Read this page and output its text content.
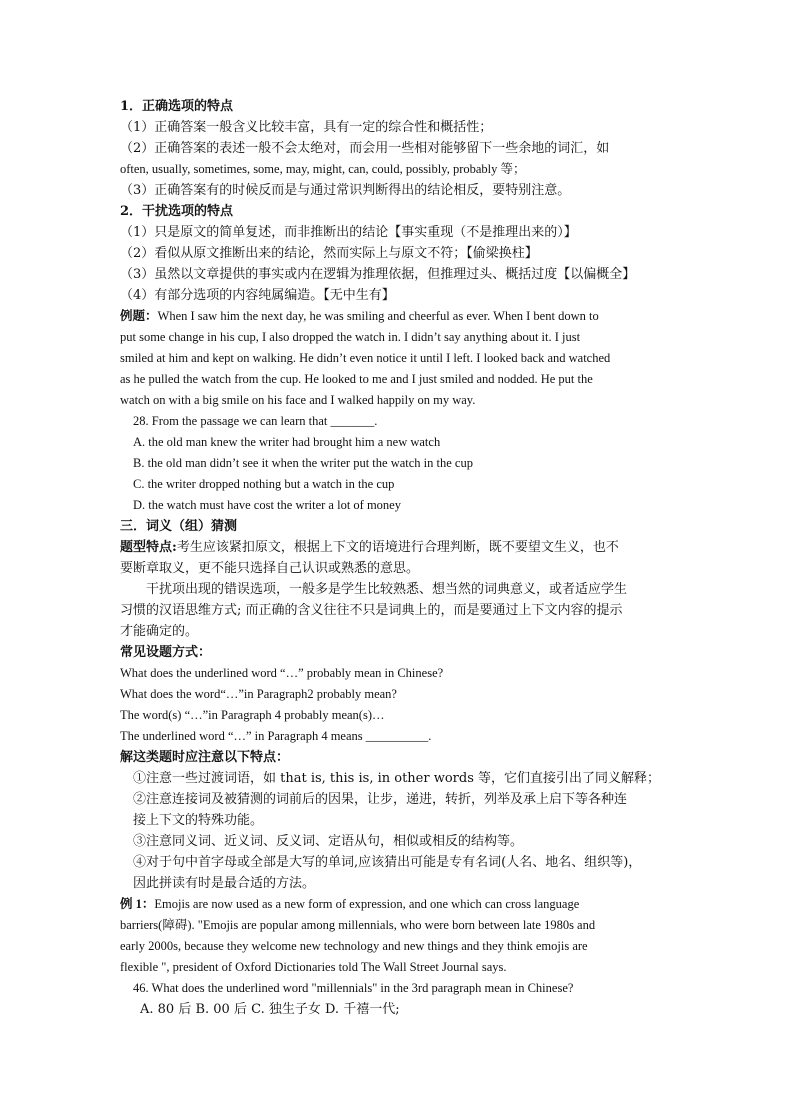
1．正确选项的特点
（1）正确答案一般含义比较丰富，具有一定的综合性和概括性；
（2）正确答案的表述一般不会太绝对，而会用一些相对能够留下一些余地的词汇，如
often, usually, sometimes, some, may, might, can, could, possibly, probably 等；
（3）正确答案有的时候反而是与通过常识判断得出的结论相反，要特别注意。
2．干扰选项的特点
（1）只是原文的简单复述，而非推断出的结论【事实重现（不是推理出来的）】
（2）看似从原文推断出来的结论，然而实际上与原文不符；【偷梁换柱】
（3）虽然以文章提供的事实或内在逻辑为推理依据，但推理过头、概括过度【以偏概全】
（4）有部分选项的内容纯属编造。【无中生有】
例题：When I saw him the next day, he was smiling and cheerful as ever. When I bent down to
put some change in his cup, I also dropped the watch in. I didn’t say anything about it. I just
smiled at him and kept on walking. He didn’t even notice it until I left. I looked back and watched
as he pulled the watch from the cup. He looked to me and I just smiled and nodded. He put the
watch on with a big smile on his face and I walked happily on my way.
28. From the passage we can learn that _______.
A. the old man knew the writer had brought him a new watch
B. the old man didn’t see it when the writer put the watch in the cup
C. the writer dropped nothing but a watch in the cup
D. the watch must have cost the writer a lot of money
三．词义（组）猜测
题型特点:考生应该紧扣原文，根据上下文的语境进行合理判断，既不要望文生义，也不
要断章取义，更不能只选择自己认识或熟悉的意思。
干扰项出现的错误选项，一般多是学生比较熟悉、想当然的词典意义，或者适应学生
习惯的汉语思维方式; 而正确的含义往往不只是词典上的，而是要通过上下文内容的提示
才能确定的。
常见设题方式：
What does the underlined word “…” probably mean in Chinese?
What does the word“…”in Paragraph2 probably mean?
The word(s) “…”in Paragraph 4 probably mean(s)…
The underlined word “…” in Paragraph 4 means __________.
解这类题时应注意以下特点：
①注意一些过渡词语，如 that is, this is, in other words 等，它们直接引出了同义解释；
②注意连接词及被猜测的词前后的因果，让步，递进，转折，列举及承上启下等各种连
接上下文的特殊功能。
③注意同义词、近义词、反义词、定语从句，相似或相反的结构等。
④对于句中首字母或全部是大写的单词,应该猜出可能是专有名词(人名、地名、组织等)，
因此拼读有时是最合适的方法。
例 1：Emojis are now used as a new form of expression, and one which can cross language
barriers(障碍). "Emojis are popular among millennials, who were born between late 1980s and
early 2000s, because they welcome new technology and new things and they think emojis are
flexible ", president of Oxford Dictionaries told The Wall Street Journal says.
46. What does the underlined word "millennials" in the 3rd paragraph mean in Chinese?
A. 80 后 B. 00 后 C. 独生子女 D. 千禧一代;
